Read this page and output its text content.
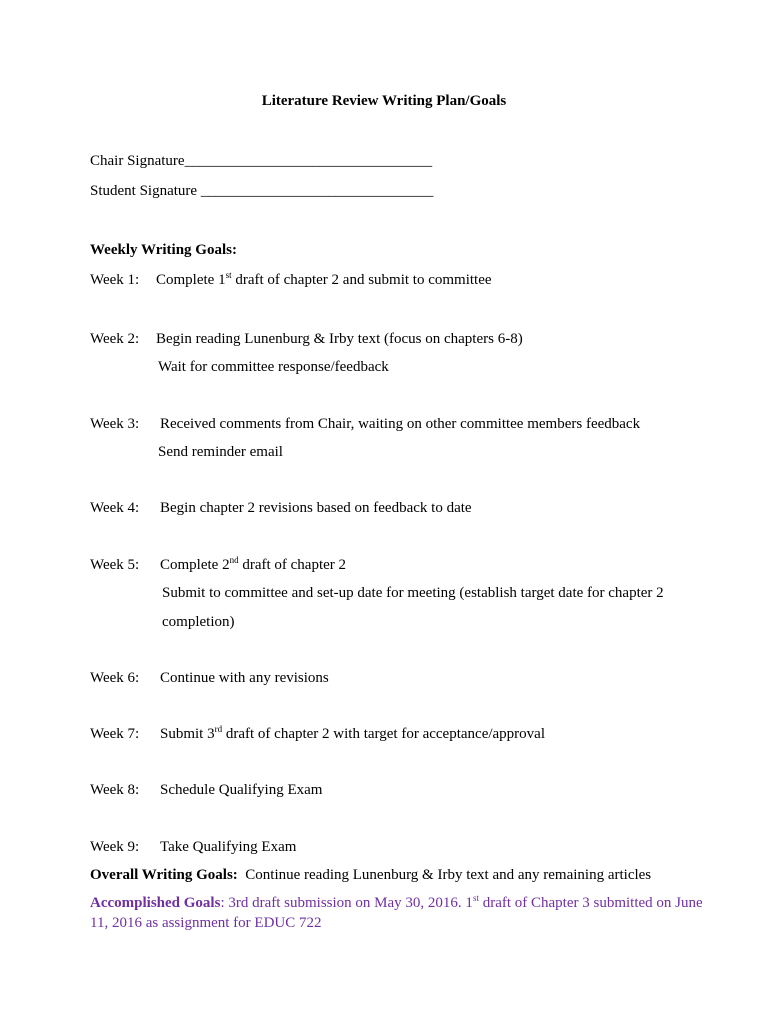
Literature Review Writing Plan/Goals
Chair Signature_________________________________
Student Signature _______________________________
Weekly Writing Goals:
Week 1: Complete 1st draft of chapter 2 and submit to committee
Week 2: Begin reading Lunenburg & Irby text (focus on chapters 6-8)
Wait for committee response/feedback
Week 3: Received comments from Chair, waiting on other committee members feedback
Send reminder email
Week 4: Begin chapter 2 revisions based on feedback to date
Week 5: Complete 2nd draft of chapter 2
Submit to committee and set-up date for meeting (establish target date for chapter 2
completion)
Week 6: Continue with any revisions
Week 7: Submit 3rd draft of chapter 2 with target for acceptance/approval
Week 8: Schedule Qualifying Exam
Week 9: Take Qualifying Exam
Overall Writing Goals:  Continue reading Lunenburg & Irby text and any remaining articles
Accomplished Goals: 3rd draft submission on May 30, 2016. 1st draft of Chapter 3 submitted on June 11, 2016 as assignment for EDUC 722
